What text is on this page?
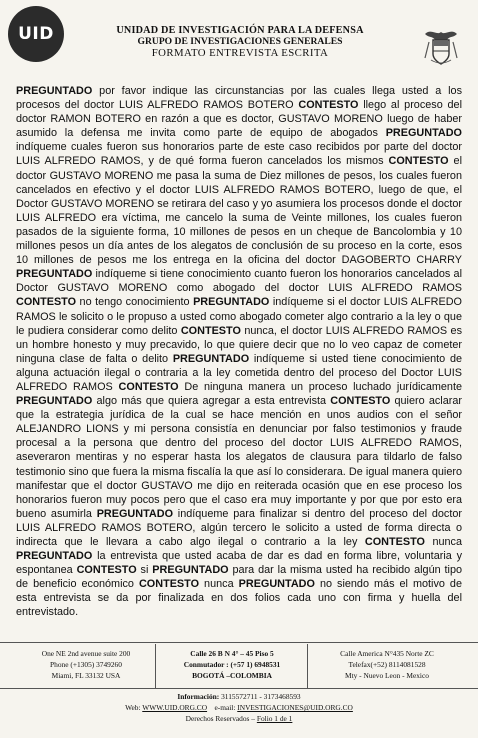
UID	UNIDAD DE INVESTIGACIÓN PARA LA DEFENSA
GRUPO DE INVESTIGACIONES GENERALES
FORMATO ENTREVISTA ESCRITA
PREGUNTADO por favor indique las circunstancias por las cuales llega usted a los procesos del doctor LUIS ALFREDO RAMOS BOTERO CONTESTO llego al proceso del doctor RAMON BOTERO en razón a que es doctor, GUSTAVO MORENO luego de haber asumido la defensa me invita como parte de equipo de abogados PREGUNTADO indíqueme cuales fueron sus honorarios parte de este caso recibidos por parte del doctor LUIS ALFREDO RAMOS, y de qué forma fueron cancelados los mismos CONTESTO el doctor GUSTAVO MORENO me pasa la suma de Diez millones de pesos, los cuales fueron cancelados en efectivo y el doctor LUIS ALFREDO RAMOS BOTERO, luego de que, el Doctor GUSTAVO MORENO se retirara del caso y yo asumiera los procesos donde el doctor LUIS ALFREDO era víctima, me cancelo la suma de Veinte millones, los cuales fueron pasados de la siguiente forma, 10 millones de pesos en un cheque de Bancolombia y 10 millones pesos un día antes de los alegatos de conclusión de su proceso en la corte, esos 10 millones de pesos me los entrega en la oficina del doctor DAGOBERTO CHARRY PREGUNTADO indíqueme si tiene conocimiento cuanto fueron los honorarios cancelados al Doctor GUSTAVO MORENO como abogado del doctor LUIS ALFREDO RAMOS CONTESTO no tengo conocimiento PREGUNTADO indíqueme si el doctor LUIS ALFREDO RAMOS le solicito o le propuso a usted como abogado cometer algo contrario a la ley o que le pudiera considerar como delito CONTESTO nunca, el doctor LUIS ALFREDO RAMOS es un hombre honesto y muy precavido, lo que quiere decir que no lo veo capaz de cometer ninguna clase de falta o delito PREGUNTADO indíqueme si usted tiene conocimiento de alguna actuación ilegal o contraria a la ley cometida dentro del proceso del Doctor LUIS ALFREDO RAMOS CONTESTO De ninguna manera un proceso luchado jurídicamente PREGUNTADO algo más que quiera agregar a esta entrevista CONTESTO quiero aclarar que la estrategia jurídica de la cual se hace mención en unos audios con el señor ALEJANDRO LIONS y mi persona consistía en denunciar por falso testimonios y fraude procesal a la persona que dentro del proceso del doctor LUIS ALFREDO RAMOS, aseveraron mentiras y no esperar hasta los alegatos de clausura para tildarlo de falso testimonio sino que fuera la misma fiscalía la que así lo considerara. De igual manera quiero manifestar que el doctor GUSTAVO me dijo en reiterada ocasión que en ese proceso los honorarios fueron muy pocos pero que el caso era muy importante y por que por esto era bueno asumirla PREGUNTADO indíqueme para finalizar si dentro del proceso del doctor LUIS ALFREDO RAMOS BOTERO, algún tercero le solicito a usted de forma directa o indirecta que le llevara a cabo algo ilegal o contrario a la ley CONTESTO nunca PREGUNTADO la entrevista que usted acaba de dar es dad en forma libre, voluntaria y espontanea CONTESTO si PREGUNTADO para dar la misma usted ha recibido algún tipo de beneficio económico CONTESTO nunca PREGUNTADO no siendo más el motivo de esta entrevista se da por finalizada en dos folios cada uno con firma y huella del entrevistado.
One NE 2nd avenue suite 200
Phone (+1305) 3749260
Miami, FL 33132 USA
Calle 26 B N 4° – 45 Piso 5
Conmutador : (+57 1) 6948531
BOGOTÁ –COLOMBIA
Calle America N°435 Norte ZC
Telefax(+52) 8114081528
Mty - Nuevo Leon - Mexico
Información: 3115572711 - 3173468593
Web: WWW.UID.ORG.CO e-mail: INVESTIGACIONES@UID.ORG.CO
Derechos Reservados – Folio 1 de 1
